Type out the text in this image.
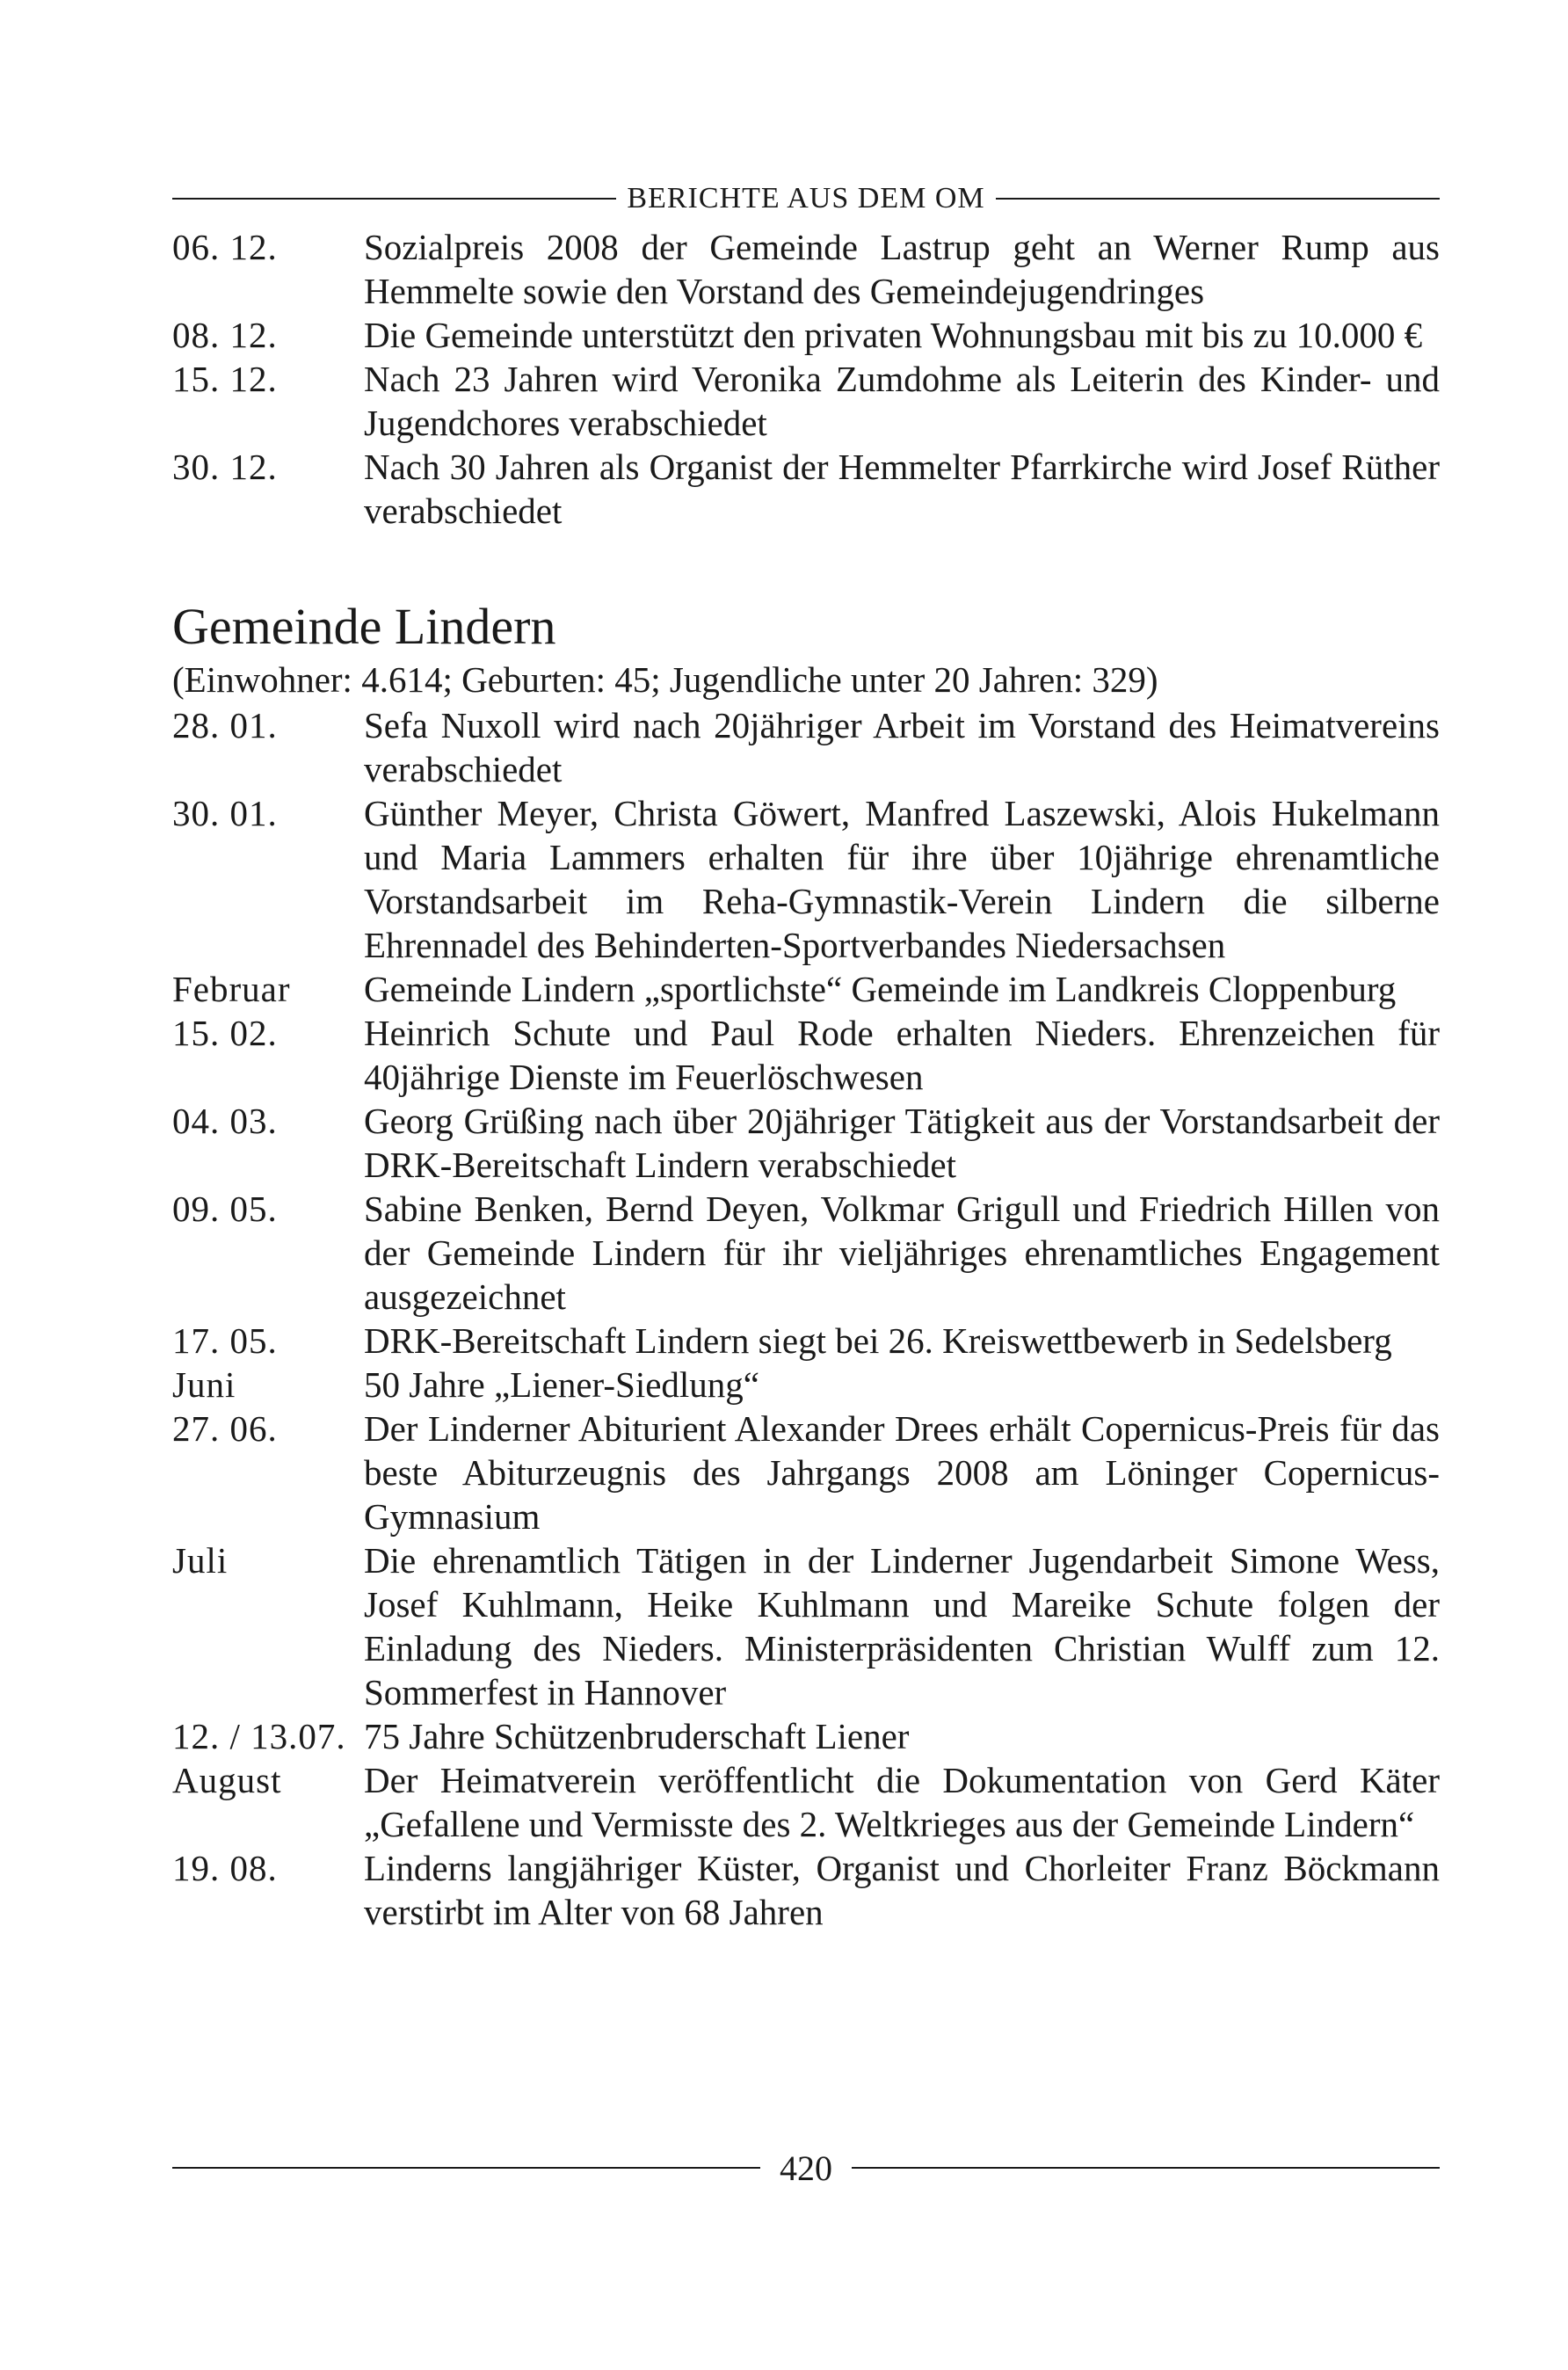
BERICHTE AUS DEM OM
06. 12.	Sozialpreis 2008 der Gemeinde Lastrup geht an Werner Rump aus Hemmelte sowie den Vorstand des Gemeindejugendringes
08. 12.	Die Gemeinde unterstützt den privaten Wohnungsbau mit bis zu 10.000 €
15. 12.	Nach 23 Jahren wird Veronika Zumdohme als Leiterin des Kinder- und Jugendchores verabschiedet
30. 12.	Nach 30 Jahren als Organist der Hemmelter Pfarrkirche wird Josef Rüther verabschiedet
Gemeinde Lindern
(Einwohner: 4.614; Geburten: 45; Jugendliche unter 20 Jahren: 329)
28. 01.	Sefa Nuxoll wird nach 20jähriger Arbeit im Vorstand des Heimatvereins verabschiedet
30. 01.	Günther Meyer, Christa Göwert, Manfred Laszewski, Alois Hukelmann und Maria Lammers erhalten für ihre über 10jährige ehrenamtliche Vorstandsarbeit im Reha-Gymnastik-Verein Lindern die silberne Ehrennadel des Behinderten-Sportverbandes Niedersachsen
Februar	Gemeinde Lindern „sportlichste“ Gemeinde im Landkreis Cloppenburg
15. 02.	Heinrich Schute und Paul Rode erhalten Nieders. Ehrenzeichen für 40jährige Dienste im Feuerlöschwesen
04. 03.	Georg Grüßing nach über 20jähriger Tätigkeit aus der Vorstandsarbeit der DRK-Bereitschaft Lindern verabschiedet
09. 05.	Sabine Benken, Bernd Deyen, Volkmar Grigull und Friedrich Hillen von der Gemeinde Lindern für ihr vieljähriges ehrenamtliches Engagement ausgezeichnet
17. 05.	DRK-Bereitschaft Lindern siegt bei 26. Kreiswettbewerb in Sedelsberg
Juni	50 Jahre „Liener-Siedlung“
27. 06.	Der Linderner Abiturient Alexander Drees erhält Copernicus-Preis für das beste Abiturzeugnis des Jahrgangs 2008 am Löninger Copernicus-Gymnasium
Juli	Die ehrenamtlich Tätigen in der Linderner Jugendarbeit Simone Wess, Josef Kuhlmann, Heike Kuhlmann und Mareike Schute folgen der Einladung des Nieders. Ministerpräsidenten Christian Wulff zum 12. Sommerfest in Hannover
12. / 13.07. 75 Jahre Schützenbruderschaft Liener
August	Der Heimatverein veröffentlicht die Dokumentation von Gerd Käter „Gefallene und Vermisste des 2. Weltkrieges aus der Gemeinde Lindern“
19. 08.	Linderns langjähriger Küster, Organist und Chorleiter Franz Böckmann verstirbt im Alter von 68 Jahren
420
